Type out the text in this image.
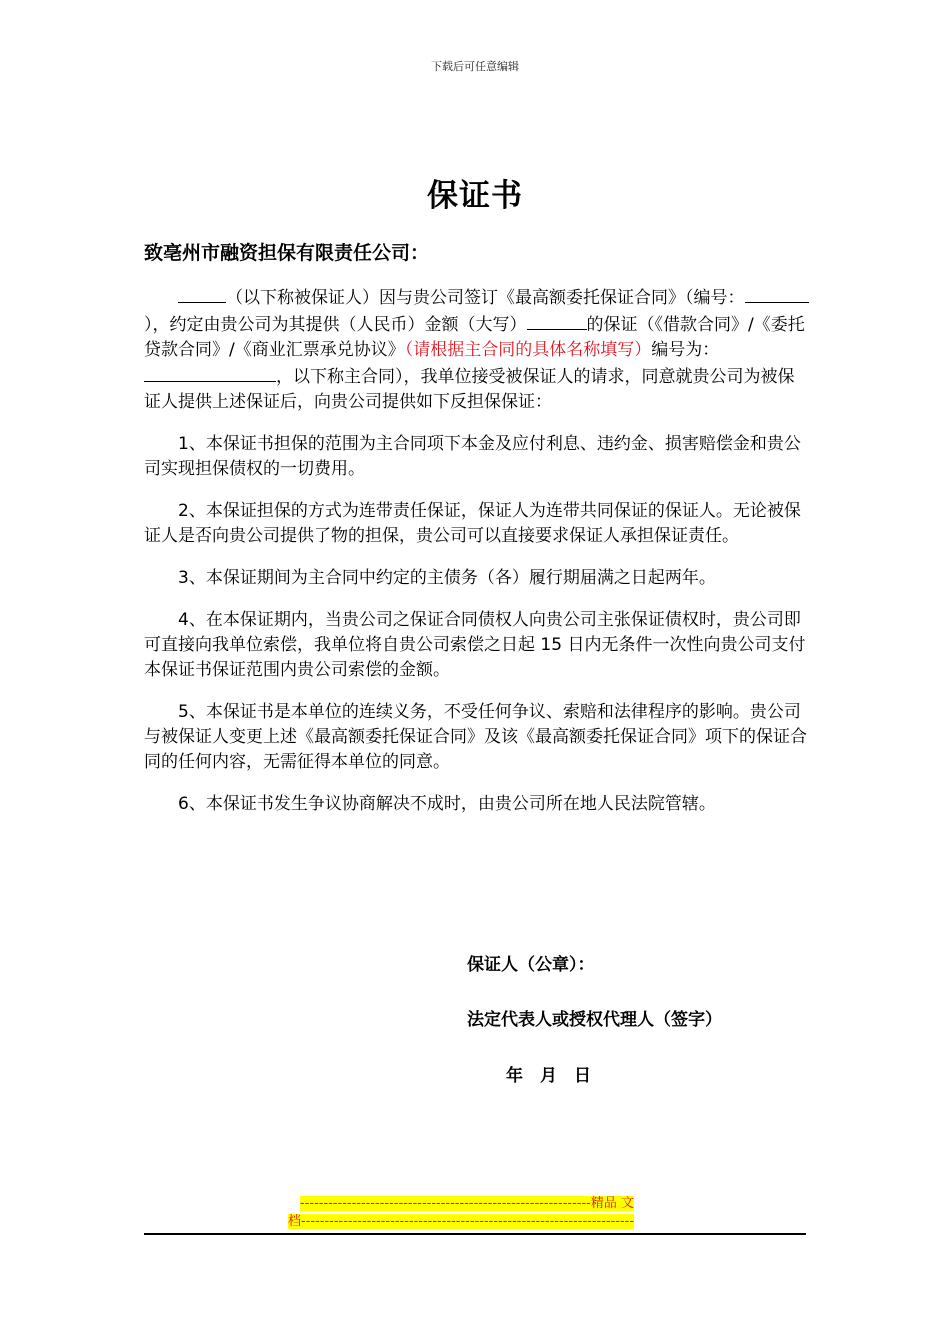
下载后可任意编辑
保证书
致亳州市融资担保有限责任公司：

（以下称被保证人）因与贵公司签订《最高额委托保证合同》（编号：），约定由贵公司为其提供（人民币）金额（大写）	的保证（《借款合同》/《委托贷款合同》/《商业汇票承兑协议》（请根据主合同的具体名称填写）编号为：，以下称主合同），我单位接受被保证人的请求，同意就贵公司为被保证人提供上述保证后，向贵公司提供如下反担保保证：

1、本保证书担保的范围为主合同项下本金及应付利息、违约金、损害赔偿金和贵公司实现担保债权的一切费用。

2、本保证担保的方式为连带责任保证，保证人为连带共同保证的保证人。无论被保证人是否向贵公司提供了物的担保，贵公司可以直接要求保证人承担保证责任。

3、本保证期间为主合同中约定的主债务（各）履行期届满之日起两年。

4、在本保证期内，当贵公司之保证合同债权人向贵公司主张保证债权时，贵公司即可直接向我单位索偿，我单位将自贵公司索偿之日起 15 日内无条件一次性向贵公司支付本保证书保证范围内贵公司索偿的金额。

5、本保证书是本单位的连续义务，不受任何争议、索赔和法律程序的影响。贵公司与被保证人变更上述《最高额委托保证合同》及该《最高额委托保证合同》项下的保证合同的任何内容，无需征得本单位的同意。

6、本保证书发生争议协商解决不成时，由贵公司所在地人民法院管辖。

保证人（公章）：
法定代表人或授权代理人（签字）
年　月　日
--------------------------------------------------------------精品 文
档-----------------------------------------------------------------------
